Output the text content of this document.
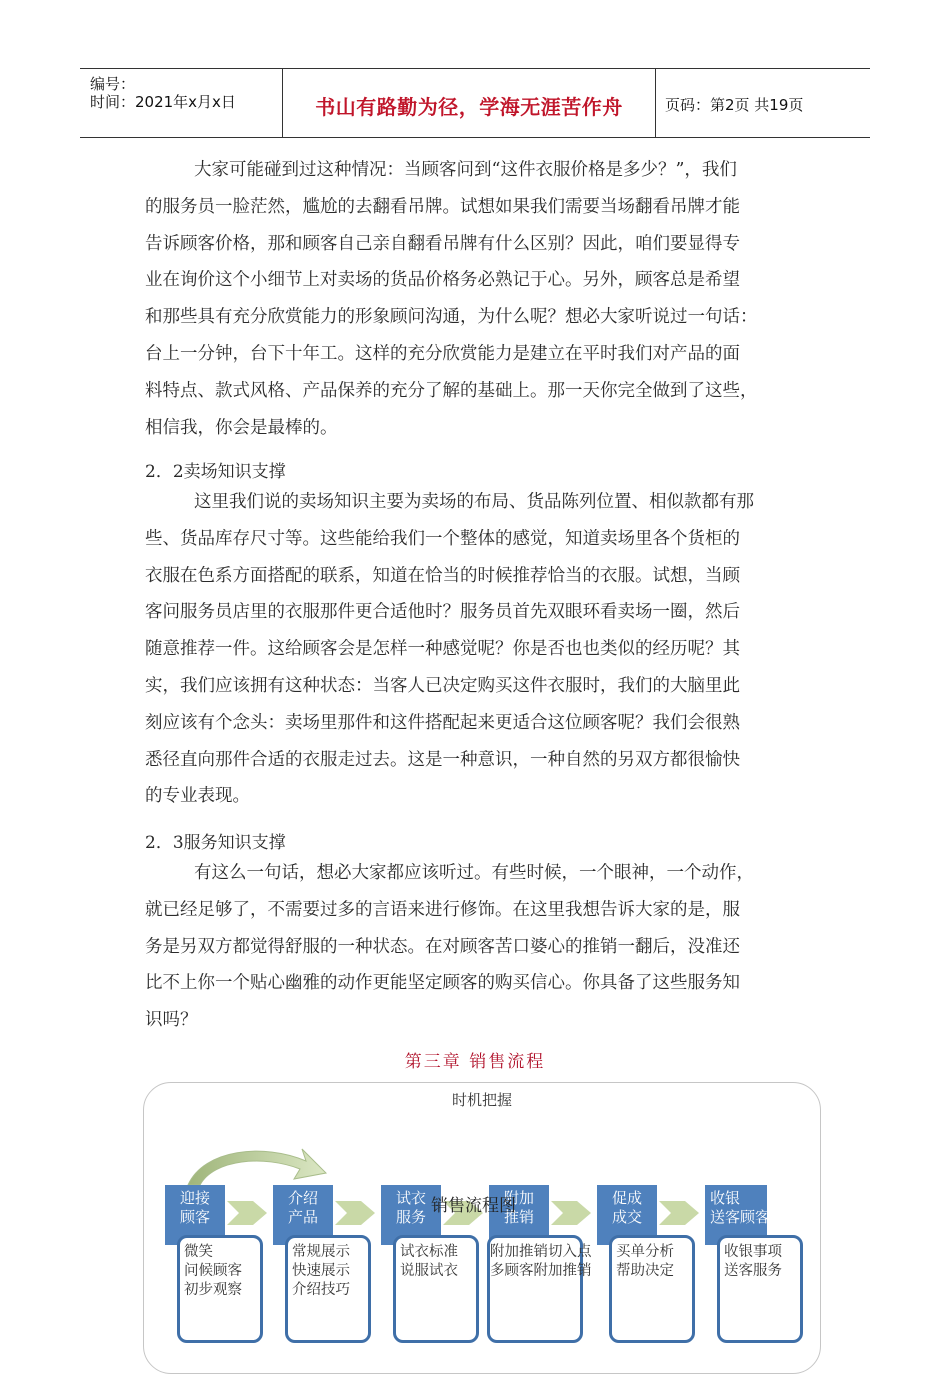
编号：
时间：2021年x月x日	书山有路勤为径，学海无涯苦作舟	页码：第2页 共19页
大家可能碰到过这种情况：当顾客问到“这件衣服价格是多少？”，我们
的服务员一脸茫然，尴尬的去翻看吊牌。试想如果我们需要当场翻看吊牌才能
告诉顾客价格，那和顾客自己亲自翻看吊牌有什么区别？因此，咱们要显得专
业在询价这个小细节上对卖场的货品价格务必熟记于心。另外，顾客总是希望
和那些具有充分欣赏能力的形象顾问沟通，为什么呢？想必大家听说过一句话：
台上一分钟，台下十年工。这样的充分欣赏能力是建立在平时我们对产品的面
料特点、款式风格、产品保养的充分了解的基础上。那一天你完全做到了这些，
相信我，你会是最棒的。
2．2卖场知识支撑
这里我们说的卖场知识主要为卖场的布局、货品陈列位置、相似款都有那
些、货品库存尺寸等。这些能给我们一个整体的感觉，知道卖场里各个货柜的
衣服在色系方面搭配的联系，知道在恰当的时候推荐恰当的衣服。试想，当顾
客问服务员店里的衣服那件更合适他时？服务员首先双眼环看卖场一圈，然后
随意推荐一件。这给顾客会是怎样一种感觉呢？你是否也也类似的经历呢？其
实，我们应该拥有这种状态：当客人已决定购买这件衣服时，我们的大脑里此
刻应该有个念头：卖场里那件和这件搭配起来更适合这位顾客呢？我们会很熟
悉径直向那件合适的衣服走过去。这是一种意识，一种自然的另双方都很愉快
的专业表现。
2．3服务知识支撑
有这么一句话，想必大家都应该听过。有些时候，一个眼神，一个动作，
就已经足够了，不需要过多的言语来进行修饰。在这里我想告诉大家的是，服
务是另双方都觉得舒服的一种状态。在对顾客苦口婆心的推销一翻后，没准还
比不上你一个贴心幽雅的动作更能坚定顾客的购买信心。你具备了这些服务知
识吗？
第三章 销售流程
时机把握
迎接
顾客
介绍
产品
试衣
服务
附加
推销
促成
成交
收银
送客顾客
销售流程图
微笑
问候顾客
初步观察
常规展示
快速展示
介绍技巧
试衣标准
说服试衣
附加推销切入点
多顾客附加推销
买单分析
帮助决定
收银事项
送客服务
